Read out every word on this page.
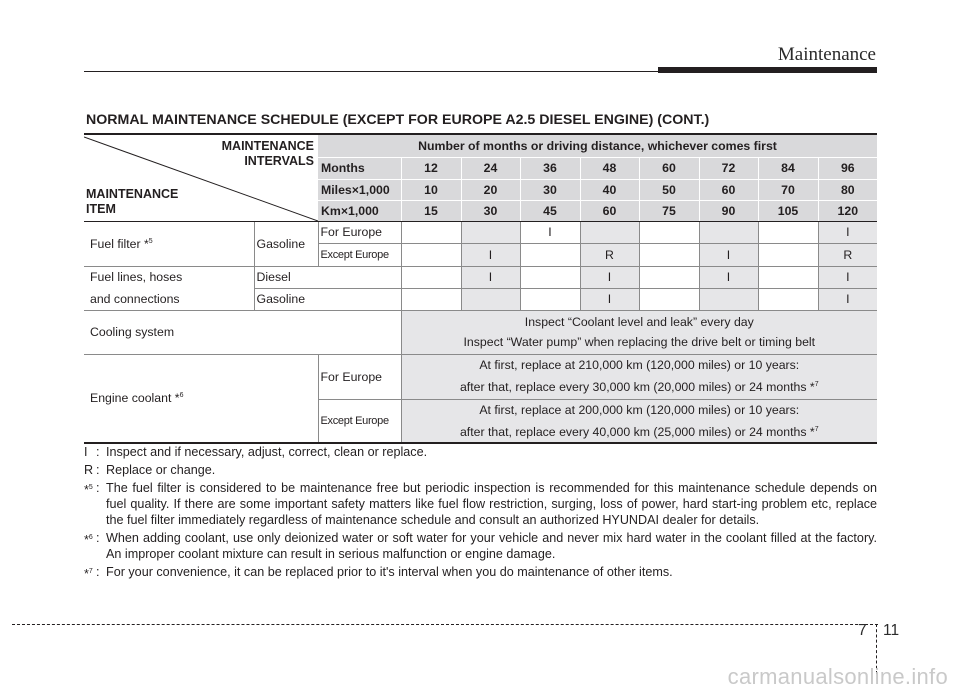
Maintenance
NORMAL MAINTENANCE SCHEDULE (EXCEPT FOR EUROPE A2.5 DIESEL ENGINE) (CONT.)
MAINTENANCE
INTERVALS
MAINTENANCE
ITEM		Number of months or driving distance, whichever comes first								
		Months	12	24	36	48	60	72	84	96
		Miles×1,000	10	20	30	40	50	60	70	80
		Km×1,000	15	30	45	60	75	90	105	120
Fuel filter *$^5$	Gasoline	For Europe			I					I
		Except Europe		I		R		I		R
Fuel lines, hoses	Diesel			I		I		I		I
and connections	Gasoline					I				I
Cooling system			Inspect “Coolant level and leak” every day
Inspect “Water pump” when replacing the drive belt or timing belt							

Engine coolant *$^6$		For Europe	At first, replace at 210,000 km (120,000 miles) or 10 years:
after that, replace every 30,000 km (20,000 miles) or 24 months *$^7$

		Except Europe	At first, replace at 200,000 km (120,000 miles) or 10 years:
after that, replace every 40,000 km (25,000 miles) or 24 months *$^7$
I : Inspect and if necessary, adjust, correct, clean or replace.
R : Replace or change.
*$^5$ : The fuel filter is considered to be maintenance free but periodic inspection is recommended for this maintenance schedule depends on fuel quality. If there are some important safety matters like fuel flow restriction, surging, loss of power, hard start-ing problem etc, replace the fuel filter immediately regardless of maintenance schedule and consult an authorized HYUNDAI dealer for details.
*$^6$ : When adding coolant, use only deionized water or soft water for your vehicle and never mix hard water in the coolant filled at the factory. An improper coolant mixture can result in serious malfunction or engine damage.
*$^7$ : For your convenience, it can be replaced prior to it's interval when you do maintenance of other items.
7 11
carmanualsonline.info
